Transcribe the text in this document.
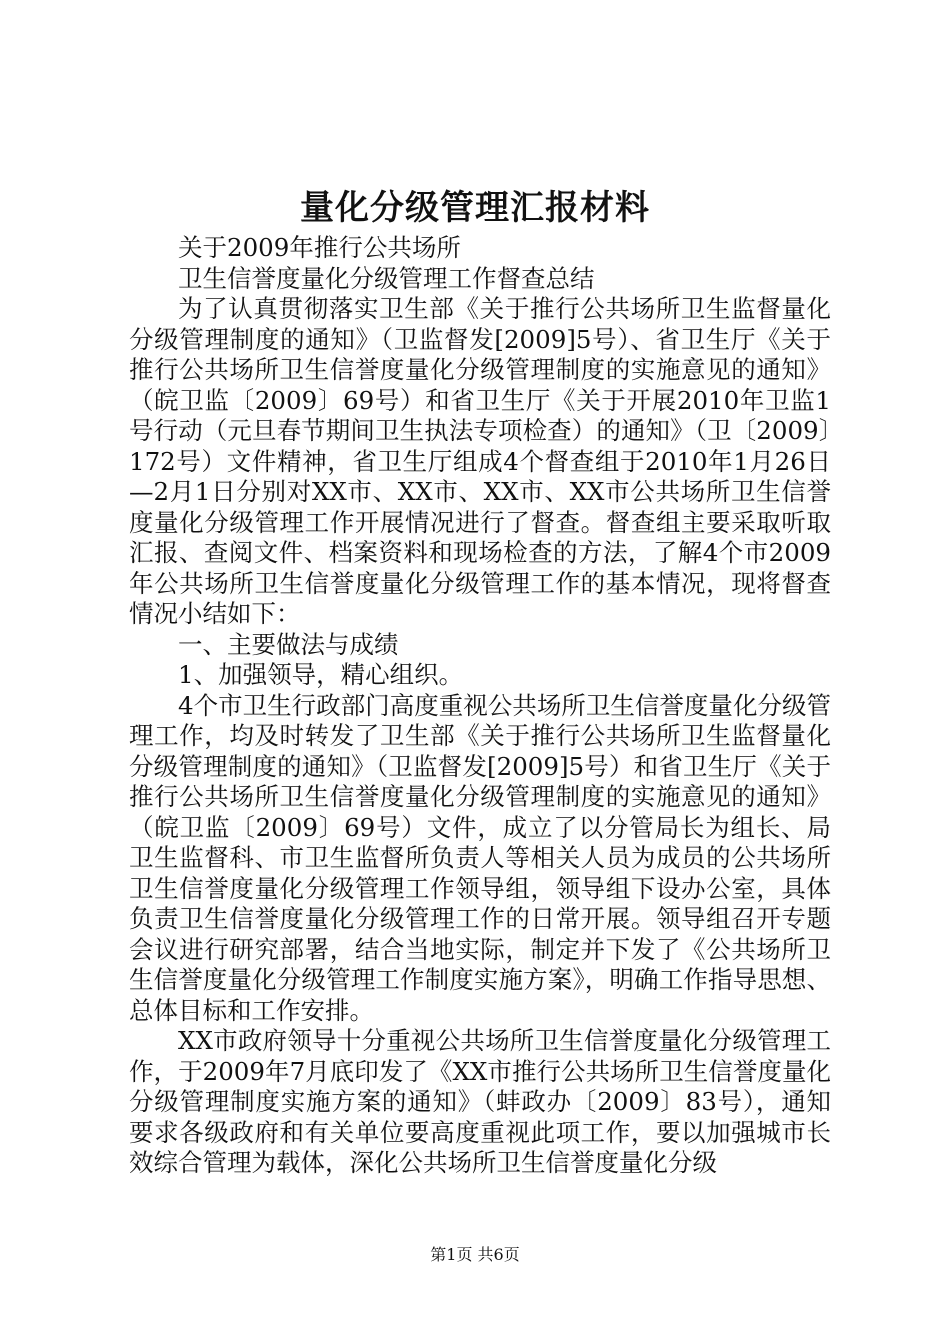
量化分级管理汇报材料

关于2009年推行公共场所

卫生信誉度量化分级管理工作督查总结

为了认真贯彻落实卫生部《关于推行公共场所卫生监督量化分级管理制度的通知》（卫监督发[2009]5号）、省卫生厅《关于推行公共场所卫生信誉度量化分级管理制度的实施意见的通知》（皖卫监〔2009〕69号）和省卫生厅《关于开展2010年卫监1号行动（元旦春节期间卫生执法专项检查）的通知》（卫〔2009〕172号）文件精神，省卫生厅组成4个督查组于2010年1月26日—2月1日分别对XX市、XX市、XX市、XX市公共场所卫生信誉度量化分级管理工作开展情况进行了督查。督查组主要采取听取汇报、查阅文件、档案资料和现场检查的方法，了解4个市2009年公共场所卫生信誉度量化分级管理工作的基本情况，现将督查情况小结如下：

一、主要做法与成绩

1、加强领导，精心组织。

4个市卫生行政部门高度重视公共场所卫生信誉度量化分级管理工作，均及时转发了卫生部《关于推行公共场所卫生监督量化分级管理制度的通知》（卫监督发[2009]5号）和省卫生厅《关于推行公共场所卫生信誉度量化分级管理制度的实施意见的通知》（皖卫监〔2009〕69号）文件，成立了以分管局长为组长、局卫生监督科、市卫生监督所负责人等相关人员为成员的公共场所卫生信誉度量化分级管理工作领导组，领导组下设办公室，具体负责卫生信誉度量化分级管理工作的日常开展。领导组召开专题会议进行研究部署，结合当地实际，制定并下发了《公共场所卫生信誉度量化分级管理工作制度实施方案》，明确工作指导思想、总体目标和工作安排。

XX市政府领导十分重视公共场所卫生信誉度量化分级管理工作，于2009年7月底印发了《XX市推行公共场所卫生信誉度量化分级管理制度实施方案的通知》（蚌政办〔2009〕83号），通知要求各级政府和有关单位要高度重视此项工作，要以加强城市长效综合管理为载体，深化公共场所卫生信誉度量化分级

第1页 共6页
